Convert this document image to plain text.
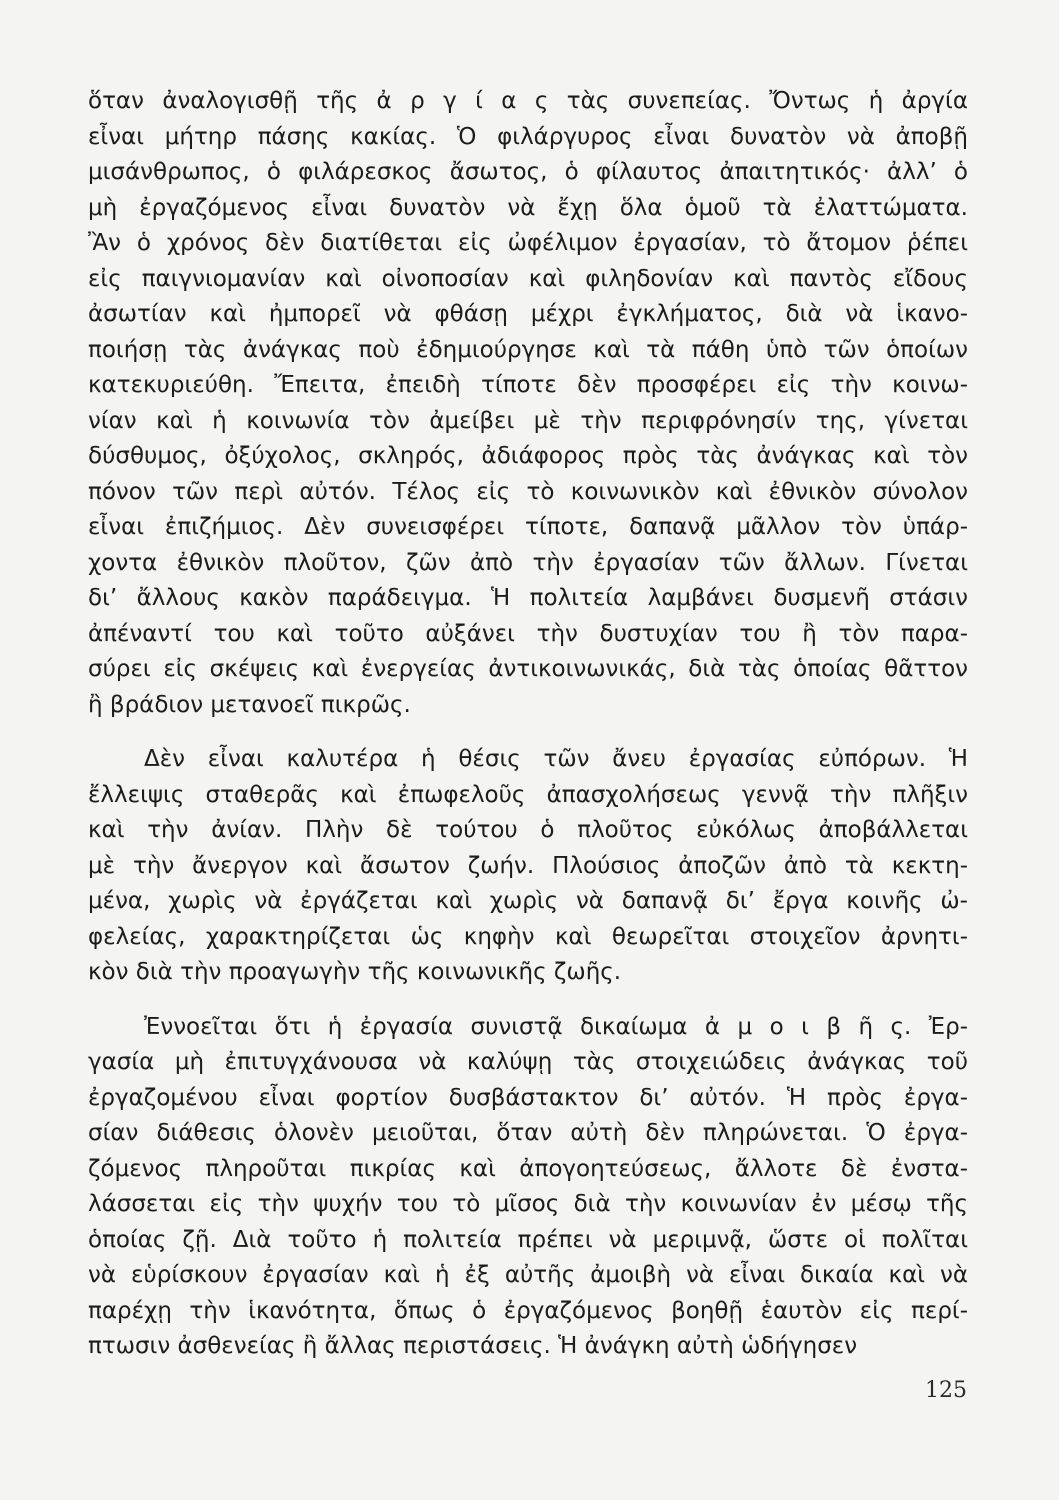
ὅταν ἀναλογισθῇ τῆς ἀ ρ γ ί α ς τὰς συνεπείας. Ὄντως ἡ ἀργία
εἶναι μήτηρ πάσης κακίας. Ὁ φιλάργυρος εἶναι δυνατὸν νὰ ἀποβῇ
μισάνθρωπος, ὁ φιλάρεσκος ἄσωτος, ὁ φίλαυτος ἀπαιτητικός· ἀλλ’ ὁ
μὴ ἐργαζόμενος εἶναι δυνατὸν νὰ ἔχῃ ὅλα ὁμοῦ τὰ ἐλαττώματα.
Ἂν ὁ χρόνος δὲν διατίθεται εἰς ὠφέλιμον ἐργασίαν, τὸ ἄτομον ῥέπει
εἰς παιγνιομανίαν καὶ οἰνοποσίαν καὶ φιληδονίαν καὶ παντὸς εἴδους
ἀσωτίαν καὶ ἠμπορεῖ νὰ φθάσῃ μέχρι ἐγκλήματος, διὰ νὰ ἱκανο-
ποιήσῃ τὰς ἀνάγκας ποὺ ἐδημιούργησε καὶ τὰ πάθη ὑπὸ τῶν ὁποίων
κατεκυριεύθη. Ἔπειτα, ἐπειδὴ τίποτε δὲν προσφέρει εἰς τὴν κοινω-
νίαν καὶ ἡ κοινωνία τὸν ἀμείβει μὲ τὴν περιφρόνησίν της, γίνεται
δύσθυμος, ὀξύχολος, σκληρός, ἀδιάφορος πρὸς τὰς ἀνάγκας καὶ τὸν
πόνον τῶν περὶ αὐτόν. Τέλος εἰς τὸ κοινωνικὸν καὶ ἐθνικὸν σύνολον
εἶναι ἐπιζήμιος. Δὲν συνεισφέρει τίποτε, δαπανᾷ μᾶλλον τὸν ὑπάρ-
χοντα ἐθνικὸν πλοῦτον, ζῶν ἀπὸ τὴν ἐργασίαν τῶν ἄλλων. Γίνεται
δι’ ἄλλους κακὸν παράδειγμα. Ἡ πολιτεία λαμβάνει δυσμενῆ στάσιν
ἀπέναντί του καὶ τοῦτο αὐξάνει τὴν δυστυχίαν του ἢ τὸν παρα-
σύρει εἰς σκέψεις καὶ ἐνεργείας ἀντικοινωνικάς, διὰ τὰς ὁποίας θᾶττον
ἢ βράδιον μετανοεῖ πικρῶς.
Δὲν εἶναι καλυτέρα ἡ θέσις τῶν ἄνευ ἐργασίας εὐπόρων. Ἡ
ἔλλειψις σταθερᾶς καὶ ἐπωφελοῦς ἀπασχολήσεως γεννᾷ τὴν πλῆξιν
καὶ τὴν ἀνίαν. Πλὴν δὲ τούτου ὁ πλοῦτος εὐκόλως ἀποβάλλεται
μὲ τὴν ἄνεργον καὶ ἄσωτον ζωήν. Πλούσιος ἀποζῶν ἀπὸ τὰ κεκτη-
μένα, χωρὶς νὰ ἐργάζεται καὶ χωρὶς νὰ δαπανᾷ δι’ ἔργα κοινῆς ὠ-
φελείας, χαρακτηρίζεται ὡς κηφὴν καὶ θεωρεῖται στοιχεῖον ἀρνητι-
κὸν διὰ τὴν προαγωγὴν τῆς κοινωνικῆς ζωῆς.
Ἐννοεῖται ὅτι ἡ ἐργασία συνιστᾷ δικαίωμα ἀ μ ο ι β ῆ ς. Ἐρ-
γασία μὴ ἐπιτυγχάνουσα νὰ καλύψῃ τὰς στοιχειώδεις ἀνάγκας τοῦ
ἐργαζομένου εἶναι φορτίον δυσβάστακτον δι’ αὐτόν. Ἡ πρὸς ἐργα-
σίαν διάθεσις ὁλονὲν μειοῦται, ὅταν αὐτὴ δὲν πληρώνεται. Ὁ ἐργα-
ζόμενος πληροῦται πικρίας καὶ ἀπογοητεύσεως, ἄλλοτε δὲ ἐνστα-
λάσσεται εἰς τὴν ψυχήν του τὸ μῖσος διὰ τὴν κοινωνίαν ἐν μέσῳ τῆς
ὁποίας ζῇ. Διὰ τοῦτο ἡ πολιτεία πρέπει νὰ μεριμνᾷ, ὥστε οἱ πολῖται
νὰ εὑρίσκουν ἐργασίαν καὶ ἡ ἐξ αὐτῆς ἀμοιβὴ νὰ εἶναι δικαία καὶ νὰ
παρέχῃ τὴν ἱκανότητα, ὅπως ὁ ἐργαζόμενος βοηθῇ ἑαυτὸν εἰς περί-
πτωσιν ἀσθενείας ἢ ἄλλας περιστάσεις. Ἡ ἀνάγκη αὐτὴ ὡδήγησεν
125
